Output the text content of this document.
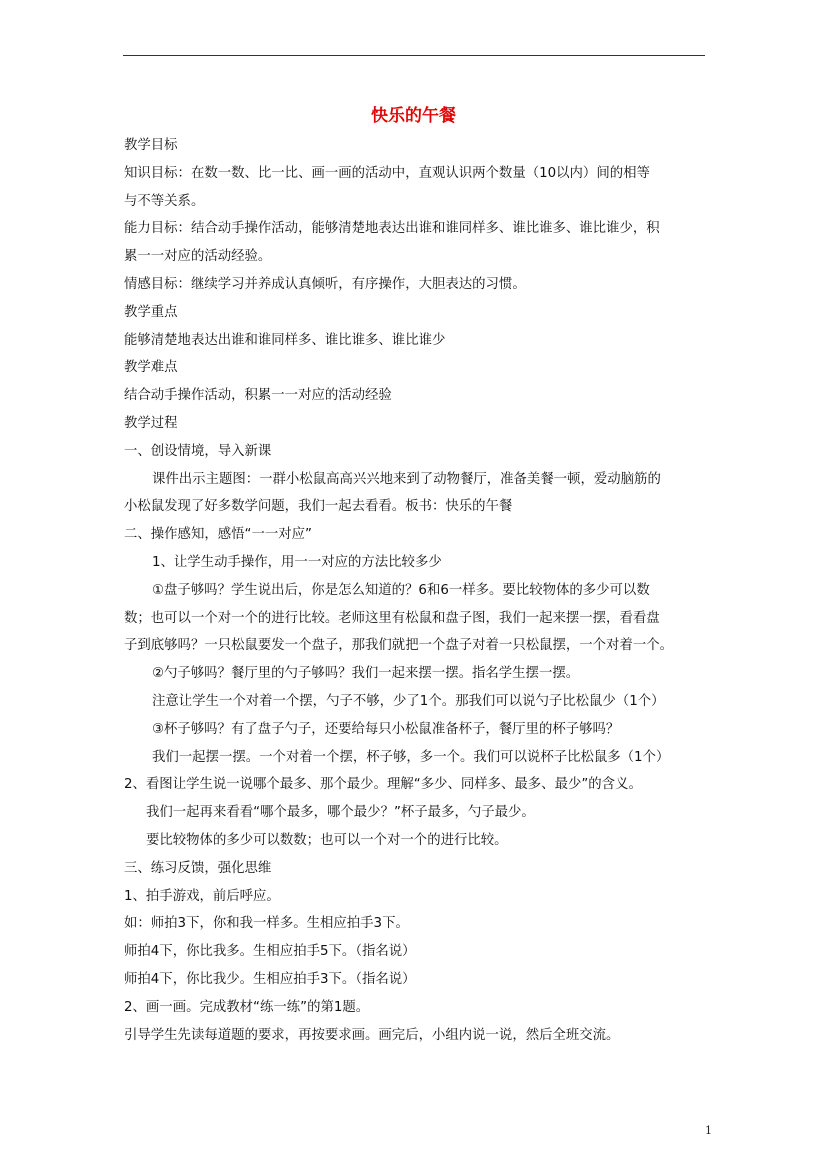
快乐的午餐
教学目标
知识目标：在数一数、比一比、画一画的活动中，直观认识两个数量（10以内）间的相等
与不等关系。
能力目标：结合动手操作活动，能够清楚地表达出谁和谁同样多、谁比谁多、谁比谁少，积
累一一对应的活动经验。
情感目标：继续学习并养成认真倾听，有序操作，大胆表达的习惯。
教学重点
能够清楚地表达出谁和谁同样多、谁比谁多、谁比谁少
教学难点
结合动手操作活动，积累一一对应的活动经验
教学过程
一、创设情境，导入新课
课件出示主题图：一群小松鼠高高兴兴地来到了动物餐厅，准备美餐一顿，爱动脑筋的
小松鼠发现了好多数学问题，我们一起去看看。板书：快乐的午餐
二、操作感知，感悟“一一对应”
1、让学生动手操作，用一一对应的方法比较多少
①盘子够吗？学生说出后，你是怎么知道的？6和6一样多。要比较物体的多少可以数
数；也可以一个对一个的进行比较。老师这里有松鼠和盘子图，我们一起来摆一摆，看看盘
子到底够吗？一只松鼠要发一个盘子，那我们就把一个盘子对着一只松鼠摆，一个对着一个。
②勺子够吗？餐厅里的勺子够吗？我们一起来摆一摆。指名学生摆一摆。
注意让学生一个对着一个摆，勺子不够，少了1个。那我们可以说勺子比松鼠少（1个）
③杯子够吗？有了盘子勺子，还要给每只小松鼠准备杯子，餐厅里的杯子够吗？
我们一起摆一摆。一个对着一个摆，杯子够，多一个。我们可以说杯子比松鼠多（1个）
2、看图让学生说一说哪个最多、那个最少。理解“多少、同样多、最多、最少”的含义。
我们一起再来看看“哪个最多，哪个最少？”杯子最多，勺子最少。
要比较物体的多少可以数数；也可以一个对一个的进行比较。
三、练习反馈，强化思维
1、拍手游戏，前后呼应。
如：师拍3下，你和我一样多。生相应拍手3下。
师拍4下，你比我多。生相应拍手5下。（指名说）
师拍4下，你比我少。生相应拍手3下。（指名说）
2、画一画。完成教材“练一练”的第1题。
引导学生先读每道题的要求，再按要求画。画完后，小组内说一说，然后全班交流。
1
